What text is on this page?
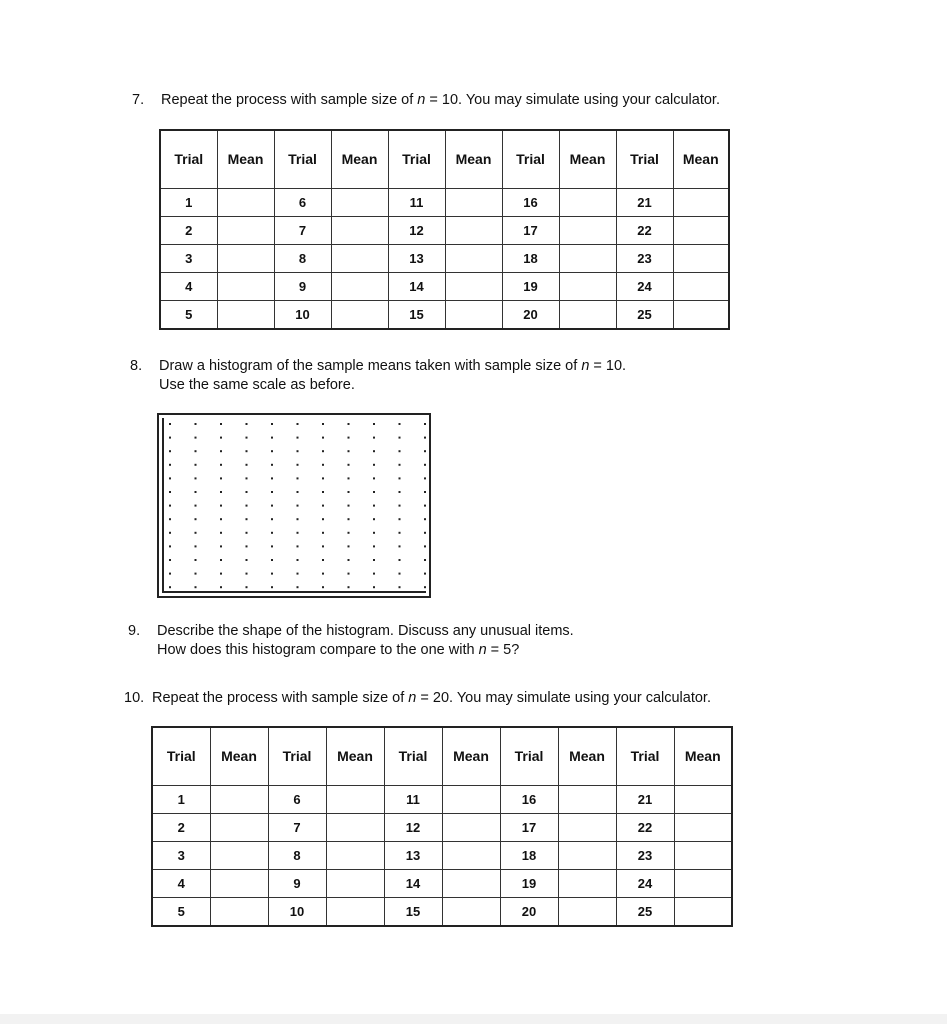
7. Repeat the process with sample size of n = 10. You may simulate using your calculator.
Trial	Mean	Trial	Mean	Trial	Mean	Trial	Mean	Trial	Mean
1		6		11		16		21	
2		7		12		17		22	
3		8		13		18		23	
4		9		14		19		24	
5		10		15		20		25	
8. Draw a histogram of the sample means taken with sample size of n = 10.
Use the same scale as before.
9. Describe the shape of the histogram. Discuss any unusual items.
How does this histogram compare to the one with n = 5?
10. Repeat the process with sample size of n = 20. You may simulate using your calculator.
Trial	Mean	Trial	Mean	Trial	Mean	Trial	Mean	Trial	Mean
1		6		11		16		21	
2		7		12		17		22	
3		8		13		18		23	
4		9		14		19		24	
5		10		15		20		25	
